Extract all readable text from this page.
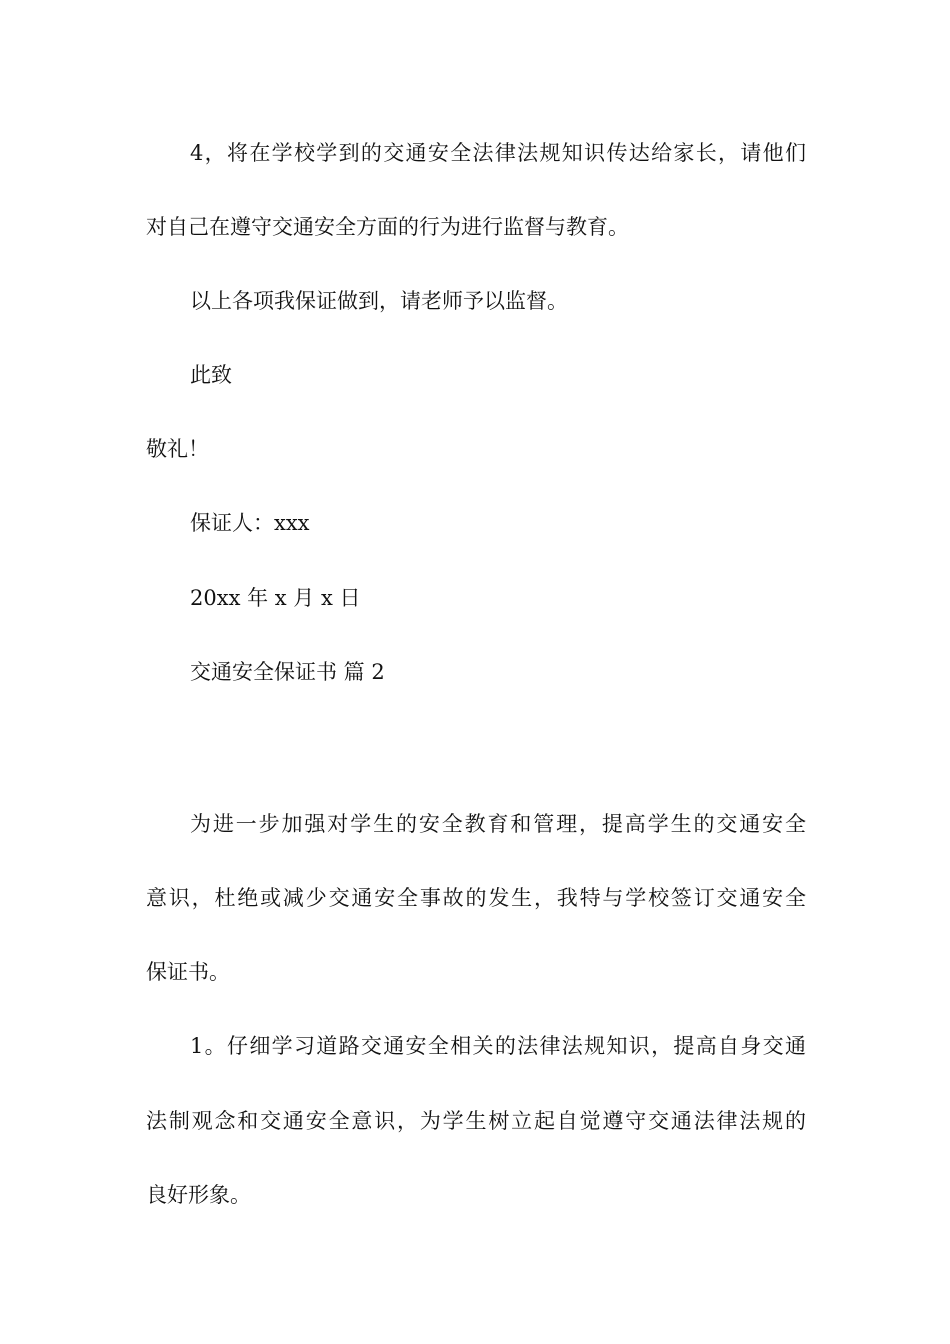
4，将在学校学到的交通安全法律法规知识传达给家长，请他们
对自己在遵守交通安全方面的行为进行监督与教育。
以上各项我保证做到，请老师予以监督。
此致
敬礼！
保证人：xxx
20xx 年 x 月 x 日
交通安全保证书 篇 2
为进一步加强对学生的安全教育和管理，提高学生的交通安全
意识，杜绝或减少交通安全事故的发生，我特与学校签订交通安全
保证书。
1。仔细学习道路交通安全相关的法律法规知识，提高自身交通
法制观念和交通安全意识，为学生树立起自觉遵守交通法律法规的
良好形象。
